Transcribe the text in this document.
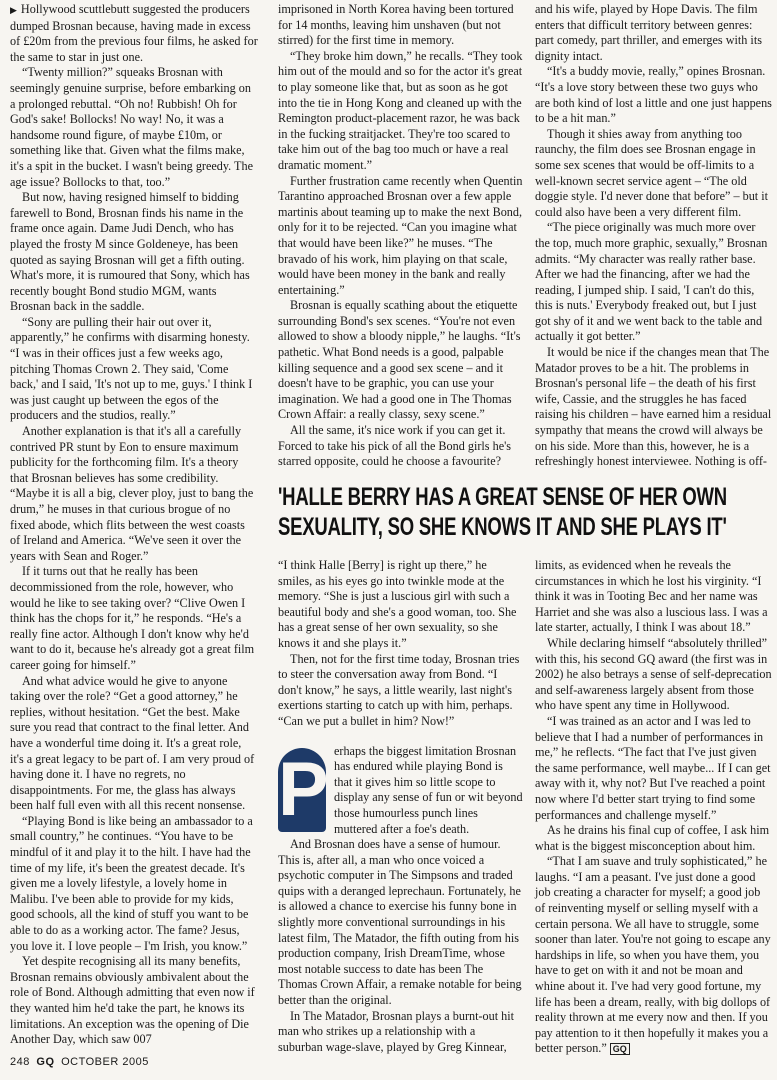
▶ Hollywood scuttlebutt suggested the producers dumped Brosnan because, having made in excess of £20m from the previous four films, he asked for the same to star in just one.

“Twenty million?” squeaks Brosnan with seemingly genuine surprise, before embarking on a prolonged rebuttal. “Oh no! Rubbish! Oh for God's sake! Bollocks! No way! No, it was a handsome round figure, of maybe £10m, or something like that. Given what the films make, it's a spit in the bucket. I wasn't being greedy. The age issue? Bollocks to that, too.”

But now, having resigned himself to bidding farewell to Bond, Brosnan finds his name in the frame once again. Dame Judi Dench, who has played the frosty M since Goldeneye, has been quoted as saying Brosnan will get a fifth outing. What's more, it is rumoured that Sony, which has recently bought Bond studio MGM, wants Brosnan back in the saddle.

“Sony are pulling their hair out over it, apparently,” he confirms with disarming honesty. “I was in their offices just a few weeks ago, pitching Thomas Crown 2. They said, 'Come back,' and I said, 'It's not up to me, guys.' I think I was just caught up between the egos of the producers and the studios, really.”

Another explanation is that it's all a carefully contrived PR stunt by Eon to ensure maximum publicity for the forthcoming film. It's a theory that Brosnan believes has some credibility. “Maybe it is all a big, clever ploy, just to bang the drum,” he muses in that curious brogue of no fixed abode, which flits between the west coasts of Ireland and America. “We've seen it over the years with Sean and Roger.”

If it turns out that he really has been decommissioned from the role, however, who would he like to see taking over? “Clive Owen I think has the chops for it,” he responds. “He's a really fine actor. Although I don't know why he'd want to do it, because he's already got a great film career going for himself.”

And what advice would he give to anyone taking over the role? “Get a good attorney,” he replies, without hesitation. “Get the best. Make sure you read that contract to the final letter. And have a wonderful time doing it. It's a great role, it's a great legacy to be part of. I am very proud of having done it. I have no regrets, no disappointments. For me, the glass has always been half full even with all this recent nonsense.

“Playing Bond is like being an ambassador to a small country,” he continues. “You have to be mindful of it and play it to the hilt. I have had the time of my life, it's been the greatest decade. It's given me a lovely lifestyle, a lovely home in Malibu. I've been able to provide for my kids, good schools, all the kind of stuff you want to be able to do as a working actor. The fame? Jesus, you love it. I love people – I'm Irish, you know.”

Yet despite recognising all its many benefits, Brosnan remains obviously ambivalent about the role of Bond. Although admitting that even now if they wanted him he'd take the part, he knows its limitations. An exception was the opening of Die Another Day, which saw 007

imprisoned in North Korea having been tortured for 14 months, leaving him unshaven (but not stirred) for the first time in memory.

“They broke him down,” he recalls. “They took him out of the mould and so for the actor it's great to play someone like that, but as soon as he got into the tie in Hong Kong and cleaned up with the Remington product-placement razor, he was back in the fucking straitjacket. They're too scared to take him out of the bag too much or have a real dramatic moment.”

Further frustration came recently when Quentin Tarantino approached Brosnan over a few apple martinis about teaming up to make the next Bond, only for it to be rejected. “Can you imagine what that would have been like?” he muses. “The bravado of his work, him playing on that scale, would have been money in the bank and really entertaining.”

Brosnan is equally scathing about the etiquette surrounding Bond's sex scenes. “You're not even allowed to show a bloody nipple,” he laughs. “It's pathetic. What Bond needs is a good, palpable killing sequence and a good sex scene – and it doesn't have to be graphic, you can use your imagination. We had a good one in The Thomas Crown Affair: a really classy, sexy scene.”

All the same, it's nice work if you can get it. Forced to take his pick of all the Bond girls he's starred opposite, could he choose a favourite?

and his wife, played by Hope Davis. The film enters that difficult territory between genres: part comedy, part thriller, and emerges with its dignity intact.

“It's a buddy movie, really,” opines Brosnan. “It's a love story between these two guys who are both kind of lost a little and one just happens to be a hit man.”

Though it shies away from anything too raunchy, the film does see Brosnan engage in some sex scenes that would be off-limits to a well-known secret service agent – “The old doggie style. I'd never done that before” – but it could also have been a very different film.

“The piece originally was much more over the top, much more graphic, sexually,” Brosnan admits. “My character was really rather base. After we had the financing, after we had the reading, I jumped ship. I said, 'I can't do this, this is nuts.' Everybody freaked out, but I just got shy of it and we went back to the table and actually it got better.”

It would be nice if the changes mean that The Matador proves to be a hit. The problems in Brosnan's personal life – the death of his first wife, Cassie, and the struggles he has faced raising his children – have earned him a residual sympathy that means the crowd will always be on his side. More than this, however, he is a refreshingly honest interviewee. Nothing is off-

'HALLE BERRY HAS A GREAT SENSE OF HER OWN
SEXUALITY, SO SHE KNOWS IT AND SHE PLAYS IT'

“I think Halle [Berry] is right up there,” he smiles, as his eyes go into twinkle mode at the memory. “She is just a luscious girl with such a beautiful body and she's a good woman, too. She has a great sense of her own sexuality, so she knows it and she plays it.”

Then, not for the first time today, Brosnan tries to steer the conversation away from Bond. “I don't know,” he says, a little wearily, last night's exertions starting to catch up with him, perhaps. “Can we put a bullet in him? Now!”

P erhaps the biggest limitation Brosnan has endured while playing Bond is that it gives him so little scope to display any sense of fun or wit beyond those humourless punch lines muttered after a foe's death.

And Brosnan does have a sense of humour. This is, after all, a man who once voiced a psychotic computer in The Simpsons and traded quips with a deranged leprechaun. Fortunately, he is allowed a chance to exercise his funny bone in slightly more conventional surroundings in his latest film, The Matador, the fifth outing from his production company, Irish DreamTime, whose most notable success to date has been The Thomas Crown Affair, a remake notable for being better than the original.

In The Matador, Brosnan plays a burnt-out hit man who strikes up a relationship with a suburban wage-slave, played by Greg Kinnear,

limits, as evidenced when he reveals the circumstances in which he lost his virginity. “I think it was in Tooting Bec and her name was Harriet and she was also a luscious lass. I was a late starter, actually, I think I was about 18.”

While declaring himself “absolutely thrilled” with this, his second GQ award (the first was in 2002) he also betrays a sense of self-deprecation and self-awareness largely absent from those who have spent any time in Hollywood.

“I was trained as an actor and I was led to believe that I had a number of performances in me,” he reflects. “The fact that I've just given the same performance, well maybe... If I can get away with it, why not? But I've reached a point now where I'd better start trying to find some performances and challenge myself.”

As he drains his final cup of coffee, I ask him what is the biggest misconception about him.

“That I am suave and truly sophisticated,” he laughs. “I am a peasant. I've just done a good job creating a character for myself; a good job of reinventing myself or selling myself with a certain persona. We all have to struggle, some sooner than later. You're not going to escape any hardships in life, so when you have them, you have to get on with it and not be moan and whine about it. I've had very good fortune, my life has been a dream, really, with big dollops of reality thrown at me every now and then. If you pay attention to it then hopefully it makes you a better person.” GQ

248 GQ OCTOBER 2005
